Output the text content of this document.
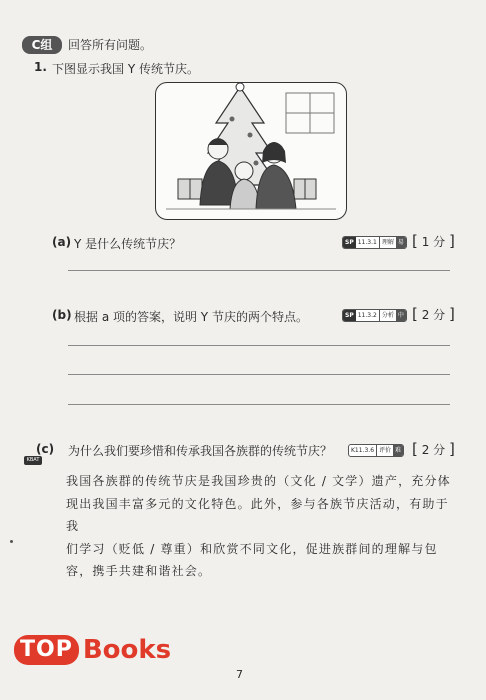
C组	回答所有问题。
1. 下图显示我国 Y 传统节庆。
(a) Y 是什么传统节庆？	SP 11.3.1 理解 易 [ 1 分 ]
(b) 根据 a 项的答案，说明 Y 节庆的两个特点。	SP 11.3.2 分析 中 [ 2 分 ]
(c)
KBAT
为什么我们要珍惜和传承我国各族群的传统节庆？	K11.3.6 评价 难 [ 2 分 ]
我国各族群的传统节庆是我国珍贵的（文化 / 文学）遗产，充分体
现出我国丰富多元的文化特色。此外，参与各族节庆活动，有助于我
们学习（贬低 / 尊重）和欣赏不同文化，促进族群间的理解与包
容，携手共建和谐社会。
TOP Books
7
